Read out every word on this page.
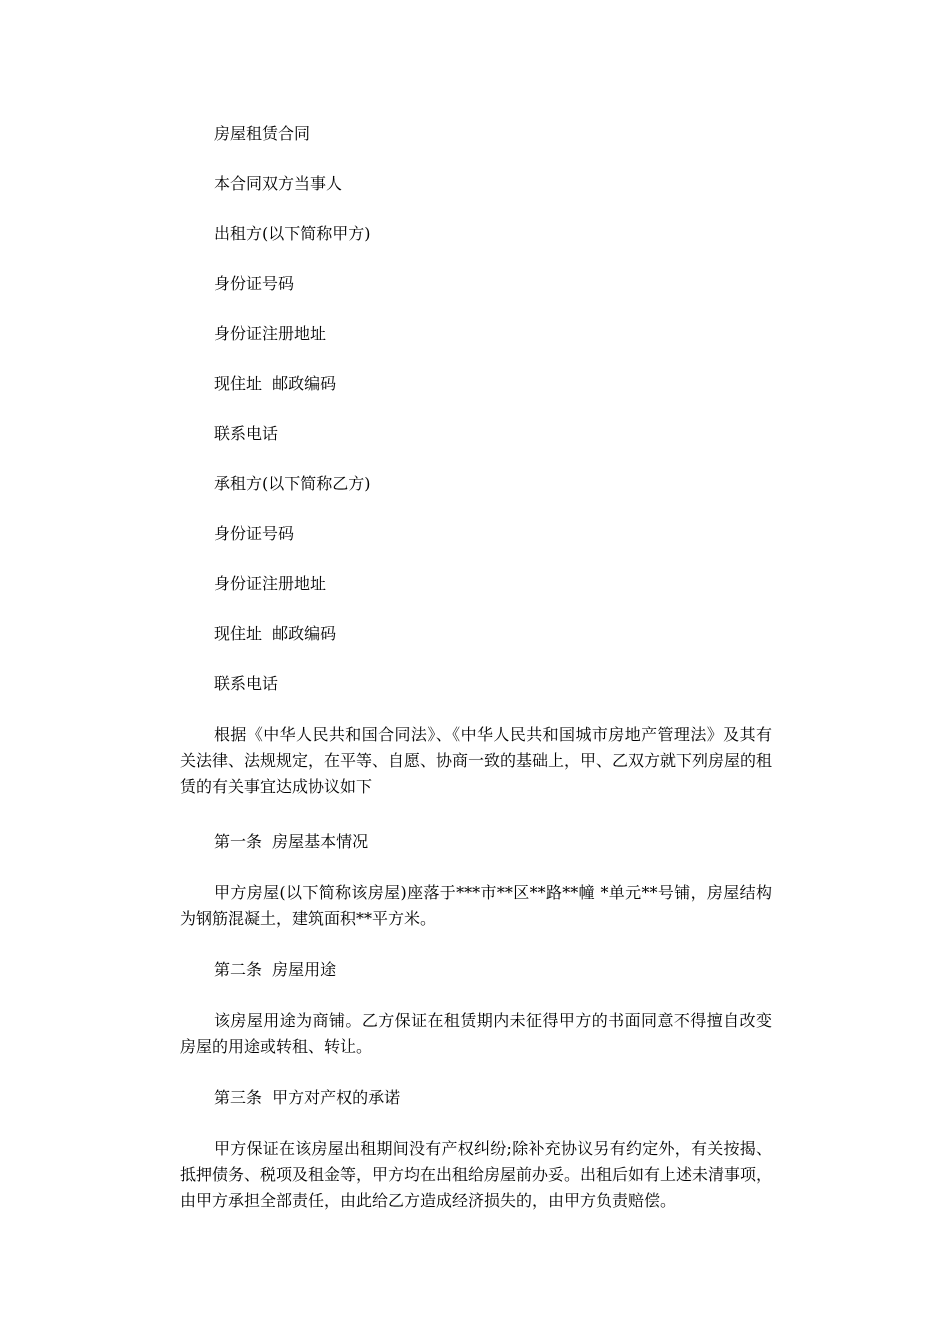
房屋租赁合同

本合同双方当事人

出租方(以下简称甲方)

身份证号码

身份证注册地址

现住址  邮政编码

联系电话

承租方(以下简称乙方)

身份证号码

身份证注册地址

现住址  邮政编码

联系电话

根据《中华人民共和国合同法》、《中华人民共和国城市房地产管理法》及其有关法律、法规规定，在平等、自愿、协商一致的基础上，甲、乙双方就下列房屋的租赁的有关事宜达成协议如下

第一条  房屋基本情况

甲方房屋(以下简称该房屋)座落于***市**区**路**幢 *单元**号铺，房屋结构为钢筋混凝土，建筑面积**平方米。

第二条  房屋用途

该房屋用途为商铺。乙方保证在租赁期内未征得甲方的书面同意不得擅自改变房屋的用途或转租、转让。

第三条  甲方对产权的承诺

甲方保证在该房屋出租期间没有产权纠纷;除补充协议另有约定外，有关按揭、抵押债务、税项及租金等，甲方均在出租给房屋前办妥。出租后如有上述未清事项，由甲方承担全部责任，由此给乙方造成经济损失的，由甲方负责赔偿。
